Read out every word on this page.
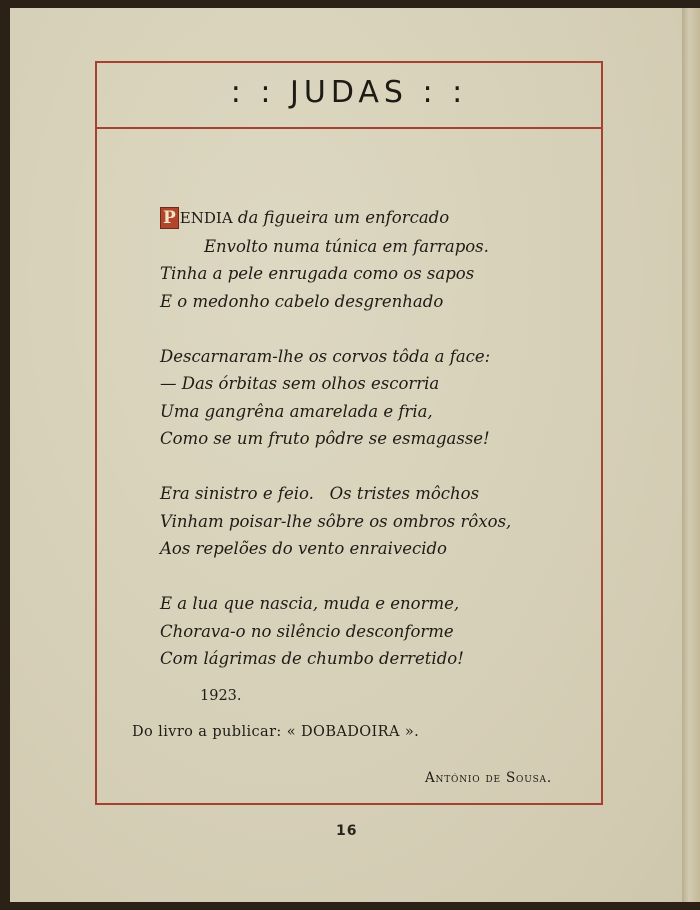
: : JUDAS : :
P ENDIA da figueira um enforcado
Envolto numa túnica em farrapos.
Tinha a pele enrugada como os sapos
E o medonho cabelo desgrenhado
Descarnaram-lhe os corvos tôda a face:
— Das órbitas sem olhos escorria
Uma gangrêna amarelada e fria,
Como se um fruto pôdre se esmagasse!
Era sinistro e feio.   Os tristes môchos
Vinham poisar-lhe sôbre os ombros rôxos,
Aos repelões do vento enraivecido
E a lua que nascia, muda e enorme,
Chorava-o no silêncio desconforme
Com lágrimas de chumbo derretido!
1923.
Do livro a publicar: « DOBADOIRA ».
António de Sousa.
16
